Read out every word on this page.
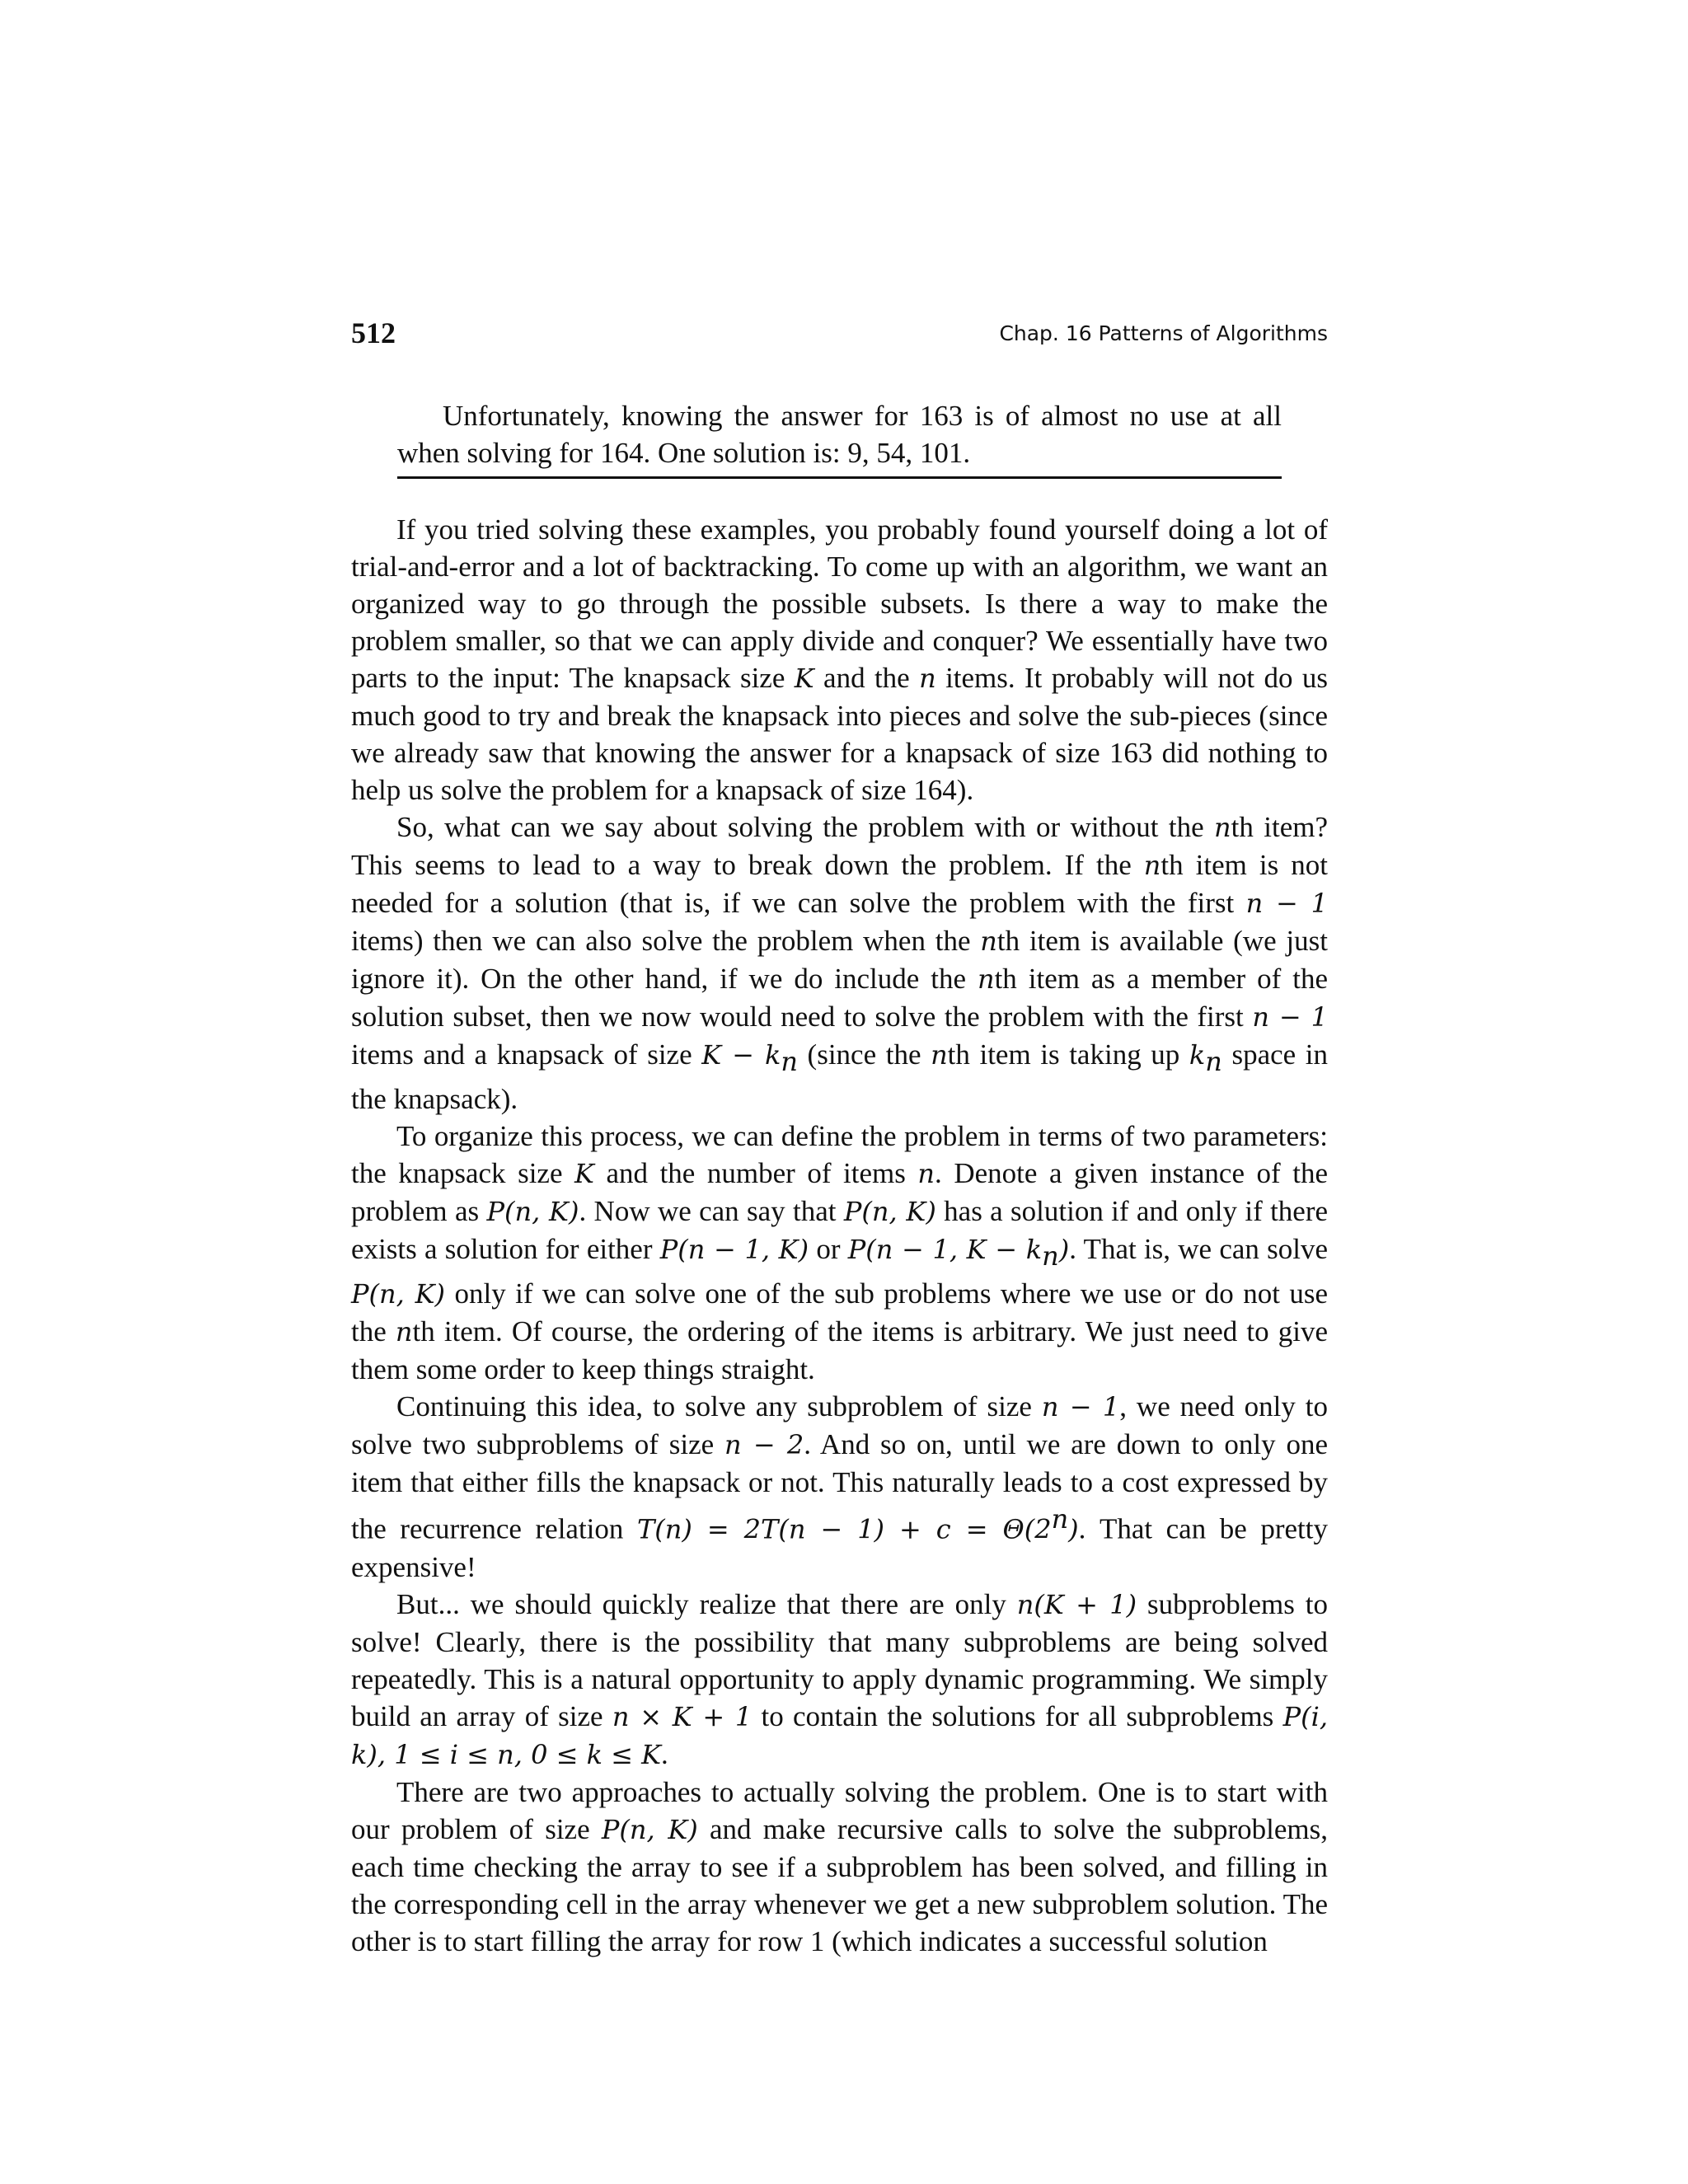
512	Chap. 16 Patterns of Algorithms

Unfortunately, knowing the answer for 163 is of almost no use at all when solving for 164. One solution is: 9, 54, 101.

If you tried solving these examples, you probably found yourself doing a lot of trial-and-error and a lot of backtracking. To come up with an algorithm, we want an organized way to go through the possible subsets. Is there a way to make the problem smaller, so that we can apply divide and conquer? We essentially have two parts to the input: The knapsack size K and the n items. It probably will not do us much good to try and break the knapsack into pieces and solve the sub-pieces (since we already saw that knowing the answer for a knapsack of size 163 did nothing to help us solve the problem for a knapsack of size 164).

So, what can we say about solving the problem with or without the nth item? This seems to lead to a way to break down the problem. If the nth item is not needed for a solution (that is, if we can solve the problem with the first n − 1 items) then we can also solve the problem when the nth item is available (we just ignore it). On the other hand, if we do include the nth item as a member of the solution subset, then we now would need to solve the problem with the first n − 1 items and a knapsack of size $K - k_n$ (since the nth item is taking up $k_n$ space in the knapsack).

To organize this process, we can define the problem in terms of two parameters: the knapsack size K and the number of items n. Denote a given instance of the problem as P(n, K). Now we can say that P(n, K) has a solution if and only if there exists a solution for either P(n − 1, K) or P(n − 1, $K - k_n$). That is, we can solve P(n, K) only if we can solve one of the sub problems where we use or do not use the nth item. Of course, the ordering of the items is arbitrary. We just need to give them some order to keep things straight.

Continuing this idea, to solve any subproblem of size n − 1, we need only to solve two subproblems of size n − 2. And so on, until we are down to only one item that either fills the knapsack or not. This naturally leads to a cost expressed by the recurrence relation $T(n) = 2T(n - 1) + c = \Theta(2^n)$. That can be pretty expensive!

But... we should quickly realize that there are only n(K + 1) subproblems to solve! Clearly, there is the possibility that many subproblems are being solved repeatedly. This is a natural opportunity to apply dynamic programming. We simply build an array of size n × K + 1 to contain the solutions for all subproblems P(i, k), 1 ≤ i ≤ n, 0 ≤ k ≤ K.

There are two approaches to actually solving the problem. One is to start with our problem of size P(n, K) and make recursive calls to solve the subproblems, each time checking the array to see if a subproblem has been solved, and filling in the corresponding cell in the array whenever we get a new subproblem solution. The other is to start filling the array for row 1 (which indicates a successful solution
